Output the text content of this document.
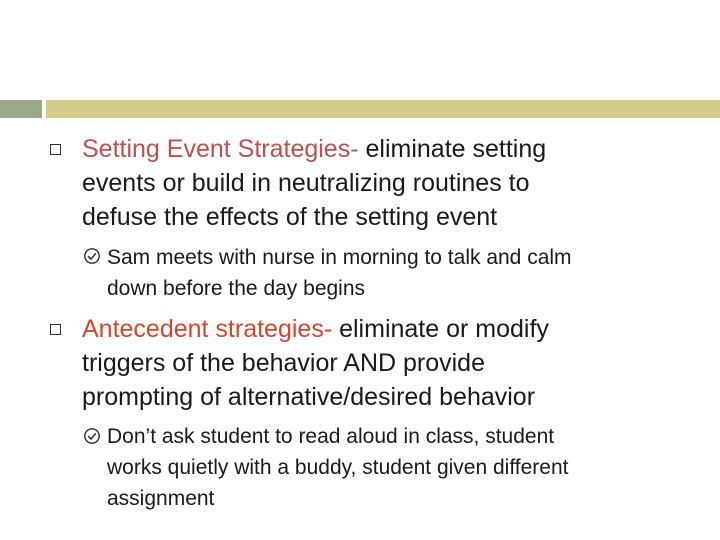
Setting Event Strategies- eliminate setting
events or build in neutralizing routines to
defuse the effects of the setting event
Sam meets with nurse in morning to talk and calm
down before the day begins
Antecedent strategies- eliminate or modify
triggers of the behavior AND provide
prompting of alternative/desired behavior
Don’t ask student to read aloud in class, student
works quietly with a buddy, student given different
assignment
